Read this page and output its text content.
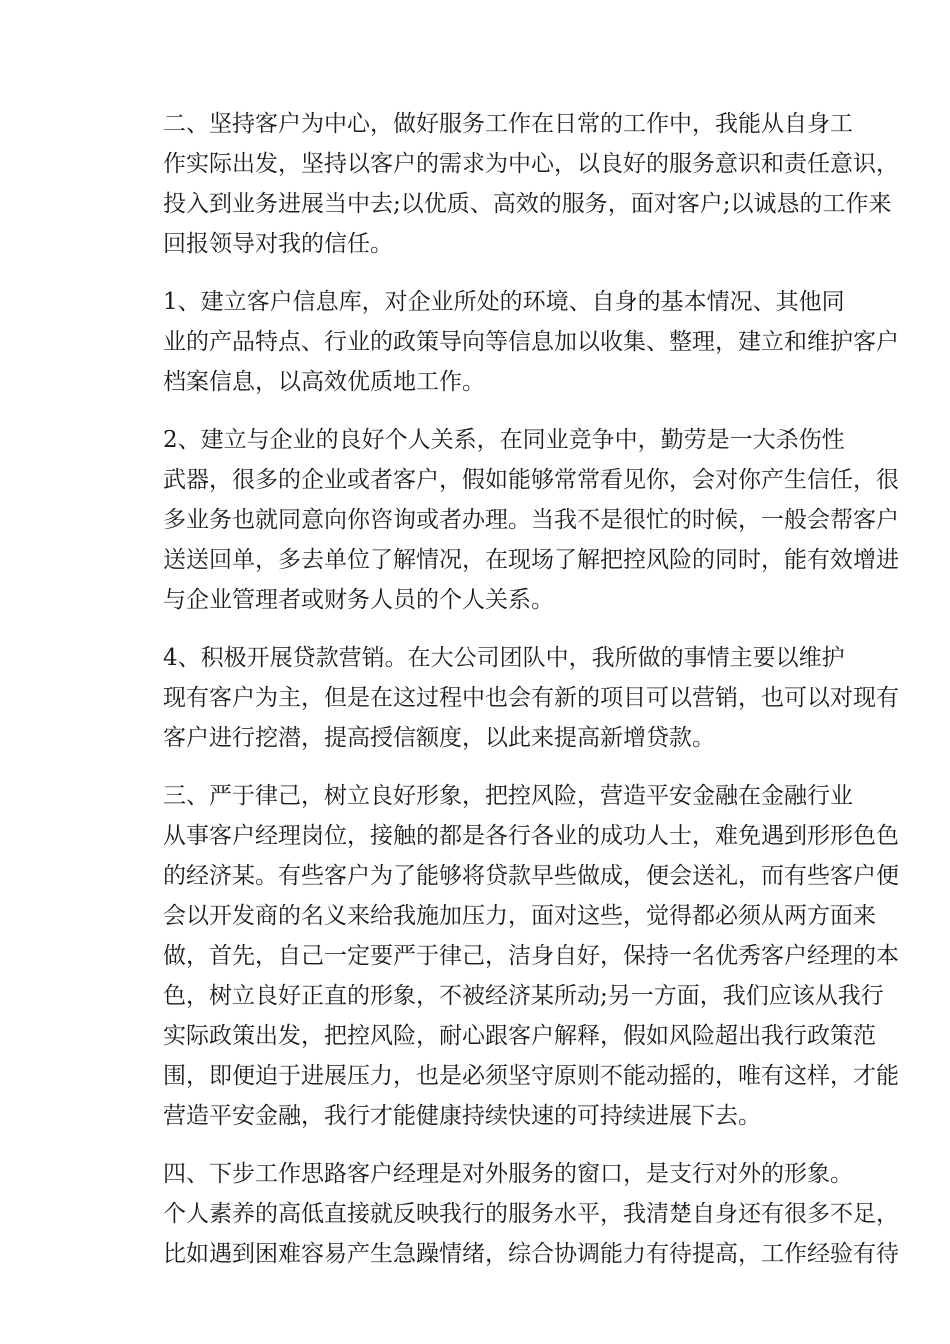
二、坚持客户为中心，做好服务工作在日常的工作中，我能从自身工
作实际出发，坚持以客户的需求为中心，以良好的服务意识和责任意识，
投入到业务进展当中去;以优质、高效的服务，面对客户;以诚恳的工作来
回报领导对我的信任。

1、建立客户信息库，对企业所处的环境、自身的基本情况、其他同
业的产品特点、行业的政策导向等信息加以收集、整理，建立和维护客户
档案信息，以高效优质地工作。

2、建立与企业的良好个人关系，在同业竞争中，勤劳是一大杀伤性
武器，很多的企业或者客户，假如能够常常看见你，会对你产生信任，很
多业务也就同意向你咨询或者办理。当我不是很忙的时候，一般会帮客户
送送回单，多去单位了解情况，在现场了解把控风险的同时，能有效增进
与企业管理者或财务人员的个人关系。

4、积极开展贷款营销。在大公司团队中，我所做的事情主要以维护
现有客户为主，但是在这过程中也会有新的项目可以营销，也可以对现有
客户进行挖潜，提高授信额度，以此来提高新增贷款。

三、严于律己，树立良好形象，把控风险，营造平安金融在金融行业
从事客户经理岗位，接触的都是各行各业的成功人士，难免遇到形形色色
的经济某。有些客户为了能够将贷款早些做成，便会送礼，而有些客户便
会以开发商的名义来给我施加压力，面对这些，觉得都必须从两方面来
做，首先，自己一定要严于律己，洁身自好，保持一名优秀客户经理的本
色，树立良好正直的形象，不被经济某所动;另一方面，我们应该从我行
实际政策出发，把控风险，耐心跟客户解释，假如风险超出我行政策范
围，即便迫于进展压力，也是必须坚守原则不能动摇的，唯有这样，才能
营造平安金融，我行才能健康持续快速的可持续进展下去。

四、下步工作思路客户经理是对外服务的窗口，是支行对外的形象。
个人素养的高低直接就反映我行的服务水平，我清楚自身还有很多不足，
比如遇到困难容易产生急躁情绪，综合协调能力有待提高，工作经验有待
